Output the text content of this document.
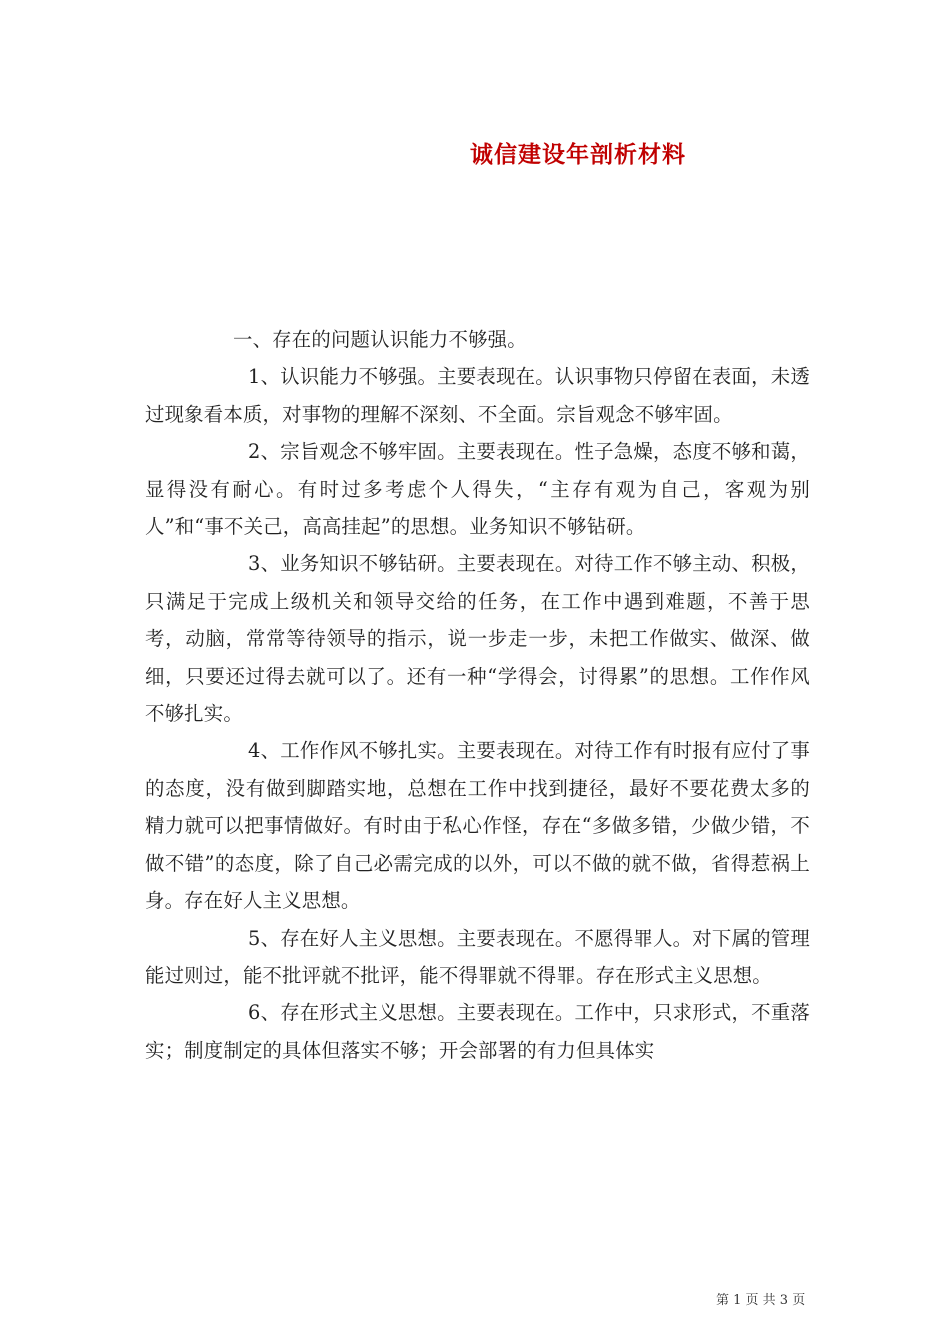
诚信建设年剖析材料

一、存在的问题认识能力不够强。

1、认识能力不够强。主要表现在。认识事物只停留在表面，未透过现象看本质，对事物的理解不深刻、不全面。宗旨观念不够牢固。

2、宗旨观念不够牢固。主要表现在。性子急燥，态度不够和蔼，显得没有耐心。有时过多考虑个人得失，“主存有观为自己，客观为别人”和“事不关己，高高挂起”的思想。业务知识不够钻研。

3、业务知识不够钻研。主要表现在。对待工作不够主动、积极，只满足于完成上级机关和领导交给的任务，在工作中遇到难题，不善于思考，动脑，常常等待领导的指示，说一步走一步，未把工作做实、做深、做细，只要还过得去就可以了。还有一种“学得会，讨得累”的思想。工作作风不够扎实。

4、工作作风不够扎实。主要表现在。对待工作有时报有应付了事的态度，没有做到脚踏实地，总想在工作中找到捷径，最好不要花费太多的精力就可以把事情做好。有时由于私心作怪，存在“多做多错，少做少错，不做不错”的态度，除了自己必需完成的以外，可以不做的就不做，省得惹祸上身。存在好人主义思想。

5、存在好人主义思想。主要表现在。不愿得罪人。对下属的管理能过则过，能不批评就不批评，能不得罪就不得罪。存在形式主义思想。

6、存在形式主义思想。主要表现在。工作中，只求形式，不重落实；制度制定的具体但落实不够；开会部署的有力但具体实

第 1 页 共 3 页
